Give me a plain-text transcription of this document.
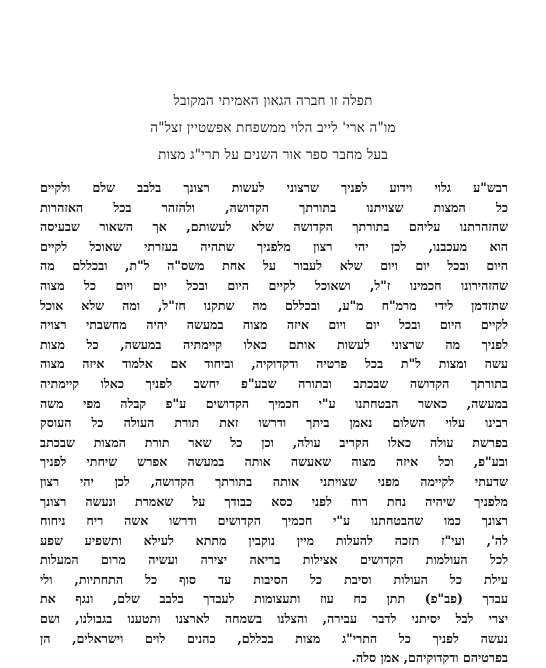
תפלה זו חברה הגאון האמיתי המקובל
מו"ה ארי' לייב הלוי ממשפחת אפשטיין זצל"ה
בעל מחבר ספר אור השנים על תרי"ג מצות
רבש"ע גלוי וידוע לפניך שרצוני לעשות רצונך בלבב שלם ולקיים
כל המצות שצויתנו בתורתך הקדושה, ולהזהר בכל האזהרות
שהזהרתנו עליהם בתורתך הקדושה שלא לעשותם, אך השאור שבעיסה
הוא מעכבנו, לכן יהי רצון מלפניך שתהיה בעזרתי שאוכל לקיים
היום ובכל יום ויום שלא לעבור על אחת משס"ה ל"ת, ובכללם מה
שהזהירונו חכמינו ז"ל, ושאוכל לקיים היום ובכל יום ויום כל מצוה
שתזדמן לידי מרמ"ח מ"ע, ובכללם מה שתקנו חז"ל, ומה שלא אוכל
לקיים היום ובכל יום ויום איזה מצוה במעשה יהיה מחשבתי רצויה
לפניך מה שרצוני לעשות אותם כאלו קיימתיה במעשה, כל מצות
עשה ומצות ל"ת בכל פרטיה ודקדוקיה, וביחוד אם אלמוד איזה מצוה
בתורתך הקדושה שבכתב ובתורה שבע"פ יחשב לפניך כאלו קיימתיה
במעשה, כאשר הבטחתנו ע"י חכמיך הקדושים ע"פ קבלה מפי משה
רבינו עלוי השלום נאמן ביתך ודרשו זאת תורת העולה כל העוסק
בפרשת עולה כאלו הקריב עולה, וכן כל שאר תורת המצות שבכתב
ובע"פ, וכל איזה מצוה שאעשה אותה במעשה אפרש שיחתי לפניך
שדעתי לקיימה מפני שצויתני אותה בתורתך הקדושה, לכן יהי רצון
מלפניך שיהיה נחת רוח לפני כסא כבודך על שאמרת ונעשה רצונך
רצונך כמו שהבטחתנו ע"י חכמיך הקדושים ודרשו אשה ריח ניחוח
לה', ועי"ז תזכה להעלות מיין נוקבין מתתא לעילא ותשפיע שפע
לכל העולמות הקדושים אצילות בריאה יצירה ועשיה מרום המעלות
עילת כל העולות וסיבת כל הסיבות עד סוף כל התחתיות, ולי
עבדך (פב"פ) תתן כח עוז ותעצומות לעבדך בלבב שלם, ונגף את
יצרי לבל יסיתני לדבר עבירה, והצלנו בשמחה לארצנו ותטענו בגבולנו, ושם
נעשה לפניך כל התרי"ג מצות בכללם, כהנים לוים וישראלים, הן
בפרטיהם ודקדוקיהם, אמן סלה.
